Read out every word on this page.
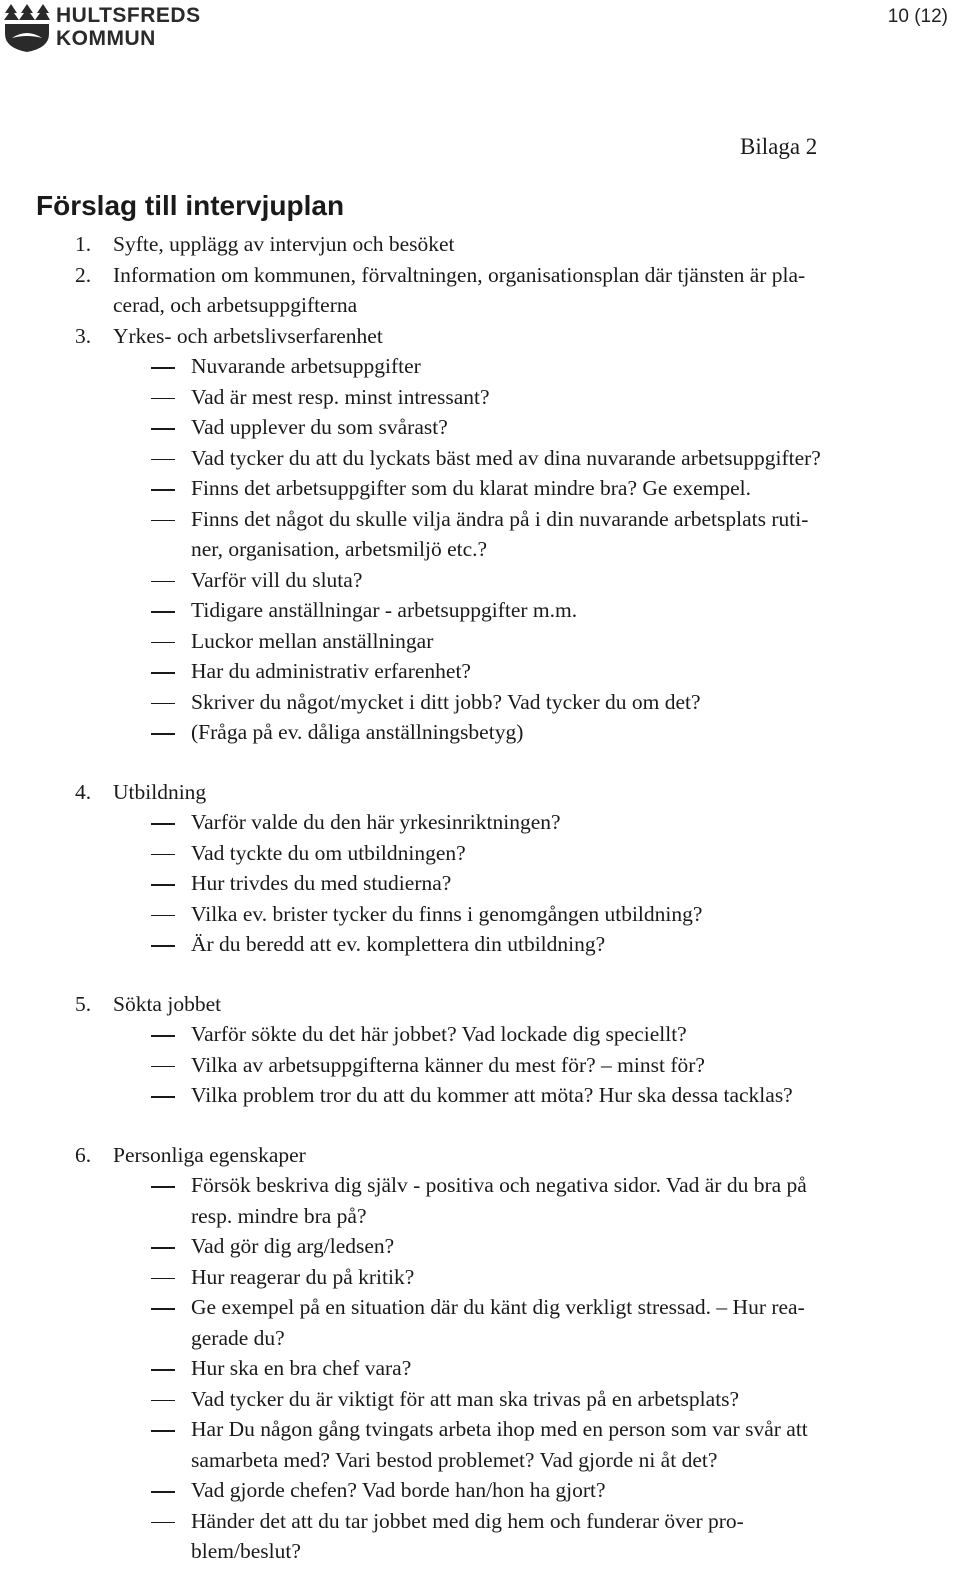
HULTSFREDS
KOMMUN
10 (12)
Bilaga 2
Förslag till intervjuplan
1. Syfte, upplägg av intervjun och besöket
2. Information om kommunen, förvaltningen, organisationsplan där tjänsten är pla-
cerad, och arbetsuppgifterna
3. Yrkes- och arbetslivserfarenhet
Nuvarande arbetsuppgifter
Vad är mest resp. minst intressant?
Vad upplever du som svårast?
Vad tycker du att du lyckats bäst med av dina nuvarande arbetsuppgifter?
Finns det arbetsuppgifter som du klarat mindre bra? Ge exempel.
Finns det något du skulle vilja ändra på i din nuvarande arbetsplats ruti-
ner, organisation, arbetsmiljö etc.?
Varför vill du sluta?
Tidigare anställningar - arbetsuppgifter m.m.
Luckor mellan anställningar
Har du administrativ erfarenhet?
Skriver du något/mycket i ditt jobb? Vad tycker du om det?
(Fråga på ev. dåliga anställningsbetyg)
4. Utbildning
Varför valde du den här yrkesinriktningen?
Vad tyckte du om utbildningen?
Hur trivdes du med studierna?
Vilka ev. brister tycker du finns i genomgången utbildning?
Är du beredd att ev. komplettera din utbildning?
5. Sökta jobbet
Varför sökte du det här jobbet? Vad lockade dig speciellt?
Vilka av arbetsuppgifterna känner du mest för? – minst för?
Vilka problem tror du att du kommer att möta? Hur ska dessa tacklas?
6. Personliga egenskaper
Försök beskriva dig själv - positiva och negativa sidor. Vad är du bra på
resp. mindre bra på?
Vad gör dig arg/ledsen?
Hur reagerar du på kritik?
Ge exempel på en situation där du känt dig verkligt stressad. – Hur rea-
gerade du?
Hur ska en bra chef vara?
Vad tycker du är viktigt för att man ska trivas på en arbetsplats?
Har Du någon gång tvingats arbeta ihop med en person som var svår att
samarbeta med? Vari bestod problemet? Vad gjorde ni åt det?
Vad gjorde chefen? Vad borde han/hon ha gjort?
Händer det att du tar jobbet med dig hem och funderar över pro-
blem/beslut?
